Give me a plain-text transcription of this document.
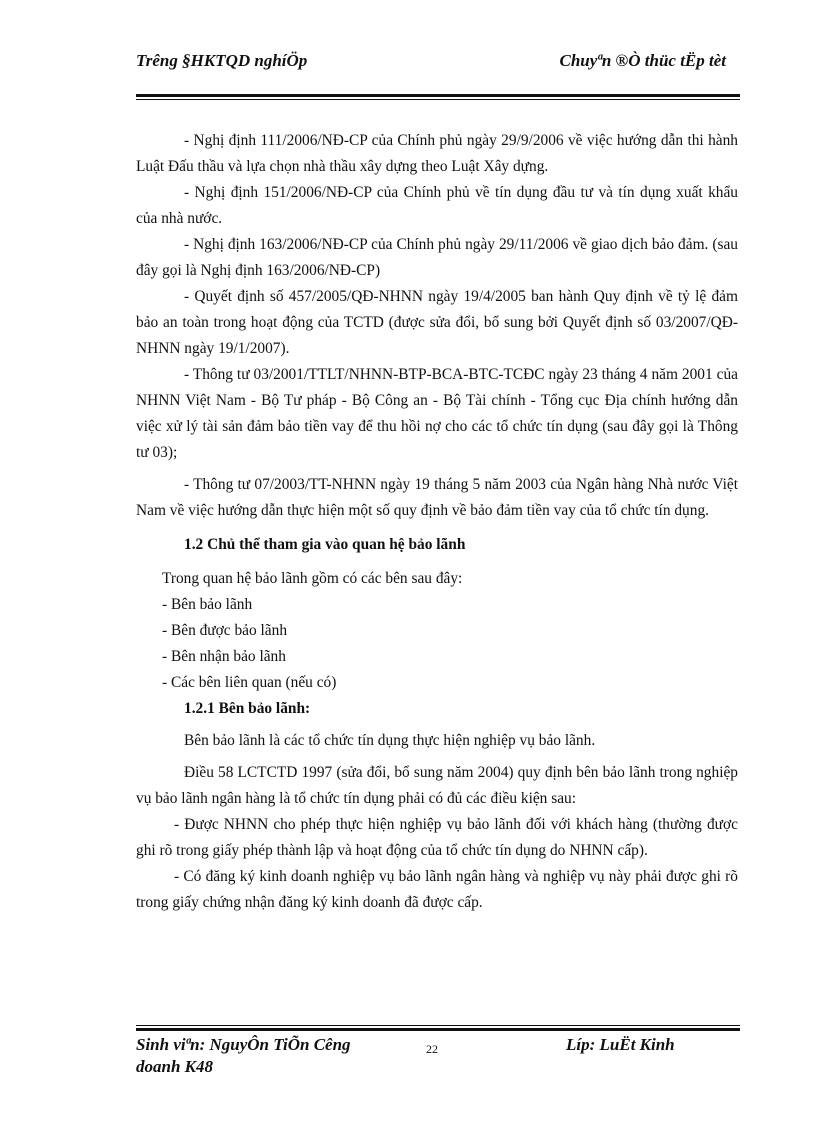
Trêng §HKTQD nghíÖp	Chuyªn ®Ò thüc tËp tèt

- Nghị định 111/2006/NĐ-CP của Chính phủ ngày 29/9/2006 về việc hướng dẫn thi hành Luật Đấu thầu và lựa chọn nhà thầu xây dựng theo Luật Xây dựng.

- Nghị định 151/2006/NĐ-CP của Chính phủ về tín dụng đầu tư và tín dụng xuất khẩu của nhà nước.

- Nghị định 163/2006/NĐ-CP của Chính phủ ngày 29/11/2006 về giao dịch bảo đảm. (sau đây gọi là Nghị định 163/2006/NĐ-CP)

- Quyết định số 457/2005/QĐ-NHNN ngày 19/4/2005 ban hành Quy định về tỷ lệ đảm bảo an toàn trong hoạt động của TCTD (được sửa đổi, bổ sung bởi Quyết định số 03/2007/QĐ-NHNN ngày 19/1/2007).

- Thông tư 03/2001/TTLT/NHNN-BTP-BCA-BTC-TCĐC ngày 23 tháng 4 năm 2001 của NHNN Việt Nam - Bộ Tư pháp - Bộ Công an - Bộ Tài chính - Tổng cục Địa chính hướng dẫn việc xử lý tài sản đảm bảo tiền vay để thu hồi nợ cho các tổ chức tín dụng (sau đây gọi là Thông tư 03);

- Thông tư 07/2003/TT-NHNN ngày 19 tháng 5 năm 2003 của Ngân hàng Nhà nước Việt Nam về việc hướng dẫn thực hiện một số quy định về bảo đảm tiền vay của tổ chức tín dụng.

1.2 Chủ thể tham gia vào quan hệ bảo lãnh

Trong quan hệ bảo lãnh gồm có các bên sau đây:

- Bên bảo lãnh

- Bên được bảo lãnh

- Bên nhận bảo lãnh

- Các bên liên quan (nếu có)

1.2.1 Bên bảo lãnh:

Bên bảo lãnh là các tổ chức tín dụng thực hiện nghiệp vụ bảo lãnh.

Điều 58 LCTCTD 1997 (sửa đổi, bổ sung năm 2004) quy định bên bảo lãnh trong nghiệp vụ bảo lãnh ngân hàng là tổ chức tín dụng phải có đủ các điều kiện sau:

- Được NHNN cho phép thực hiện nghiệp vụ bảo lãnh đối với khách hàng (thường được ghi rõ trong giấy phép thành lập và hoạt động của tổ chức tín dụng do NHNN cấp).

- Có đăng ký kinh doanh nghiệp vụ bảo lãnh ngân hàng và nghiệp vụ này phải được ghi rõ trong giấy chứng nhận đăng ký kinh doanh đã được cấp.

Sinh viªn: NguyÔn TiÕn Cêng doanh K48
22	Líp: LuËt Kinh
